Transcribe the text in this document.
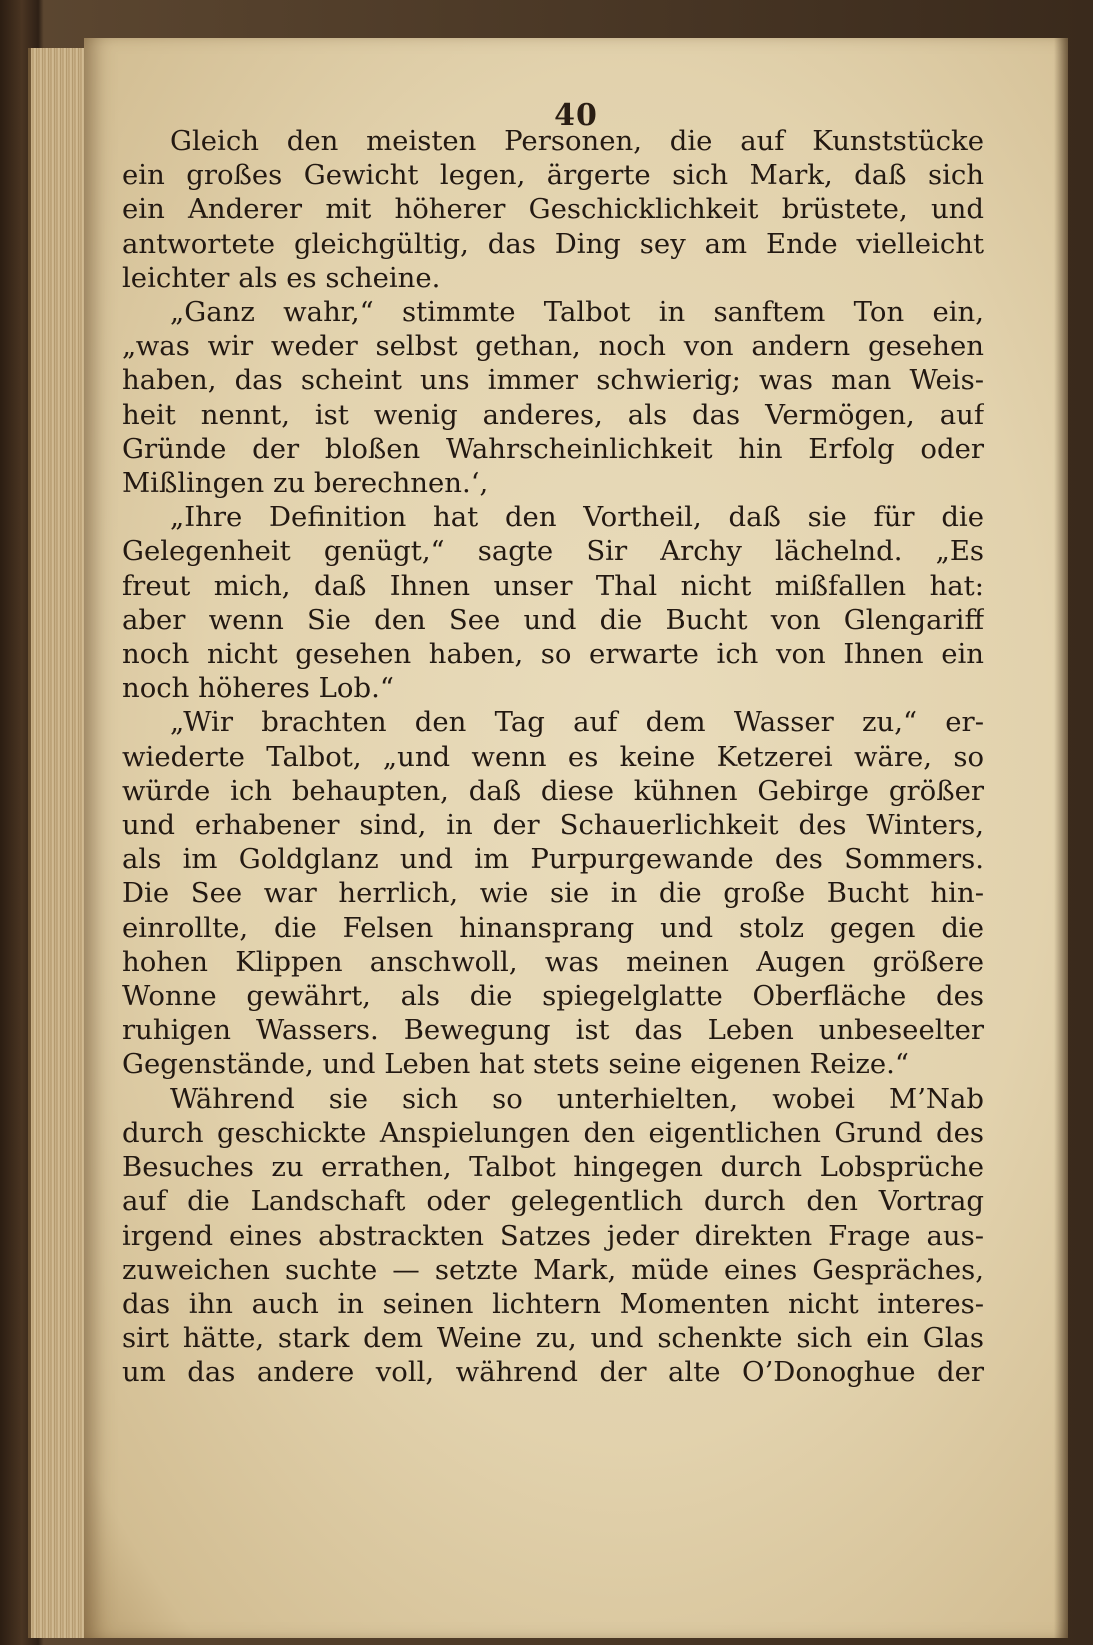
40
Gleich den meisten Personen, die auf Kunststücke
ein großes Gewicht legen, ärgerte sich Mark, daß sich
ein Anderer mit höherer Geschicklichkeit brüstete, und
antwortete gleichgültig, das Ding sey am Ende vielleicht
leichter als es scheine.
„Ganz wahr,“ stimmte Talbot in sanftem Ton ein,
„was wir weder selbst gethan, noch von andern gesehen
haben, das scheint uns immer schwierig; was man Weis-
heit nennt, ist wenig anderes, als das Vermögen, auf
Gründe der bloßen Wahrscheinlichkeit hin Erfolg oder
Mißlingen zu berechnen.‘,
„Ihre Definition hat den Vortheil, daß sie für die
Gelegenheit genügt,“ sagte Sir Archy lächelnd. „Es
freut mich, daß Ihnen unser Thal nicht mißfallen hat:
aber wenn Sie den See und die Bucht von Glengariff
noch nicht gesehen haben, so erwarte ich von Ihnen ein
noch höheres Lob.“
„Wir brachten den Tag auf dem Wasser zu,“ er-
wiederte Talbot, „und wenn es keine Ketzerei wäre, so
würde ich behaupten, daß diese kühnen Gebirge größer
und erhabener sind, in der Schauerlichkeit des Winters,
als im Goldglanz und im Purpurgewande des Sommers.
Die See war herrlich, wie sie in die große Bucht hin-
einrollte, die Felsen hinansprang und stolz gegen die
hohen Klippen anschwoll, was meinen Augen größere
Wonne gewährt, als die spiegelglatte Oberfläche des
ruhigen Wassers. Bewegung ist das Leben unbeseelter
Gegenstände, und Leben hat stets seine eigenen Reize.“
Während sie sich so unterhielten, wobei M’Nab
durch geschickte Anspielungen den eigentlichen Grund des
Besuches zu errathen, Talbot hingegen durch Lobsprüche
auf die Landschaft oder gelegentlich durch den Vortrag
irgend eines abstrackten Satzes jeder direkten Frage aus-
zuweichen suchte — setzte Mark, müde eines Gespräches,
das ihn auch in seinen lichtern Momenten nicht interes-
sirt hätte, stark dem Weine zu, und schenkte sich ein Glas
um das andere voll, während der alte O’Donoghue der
